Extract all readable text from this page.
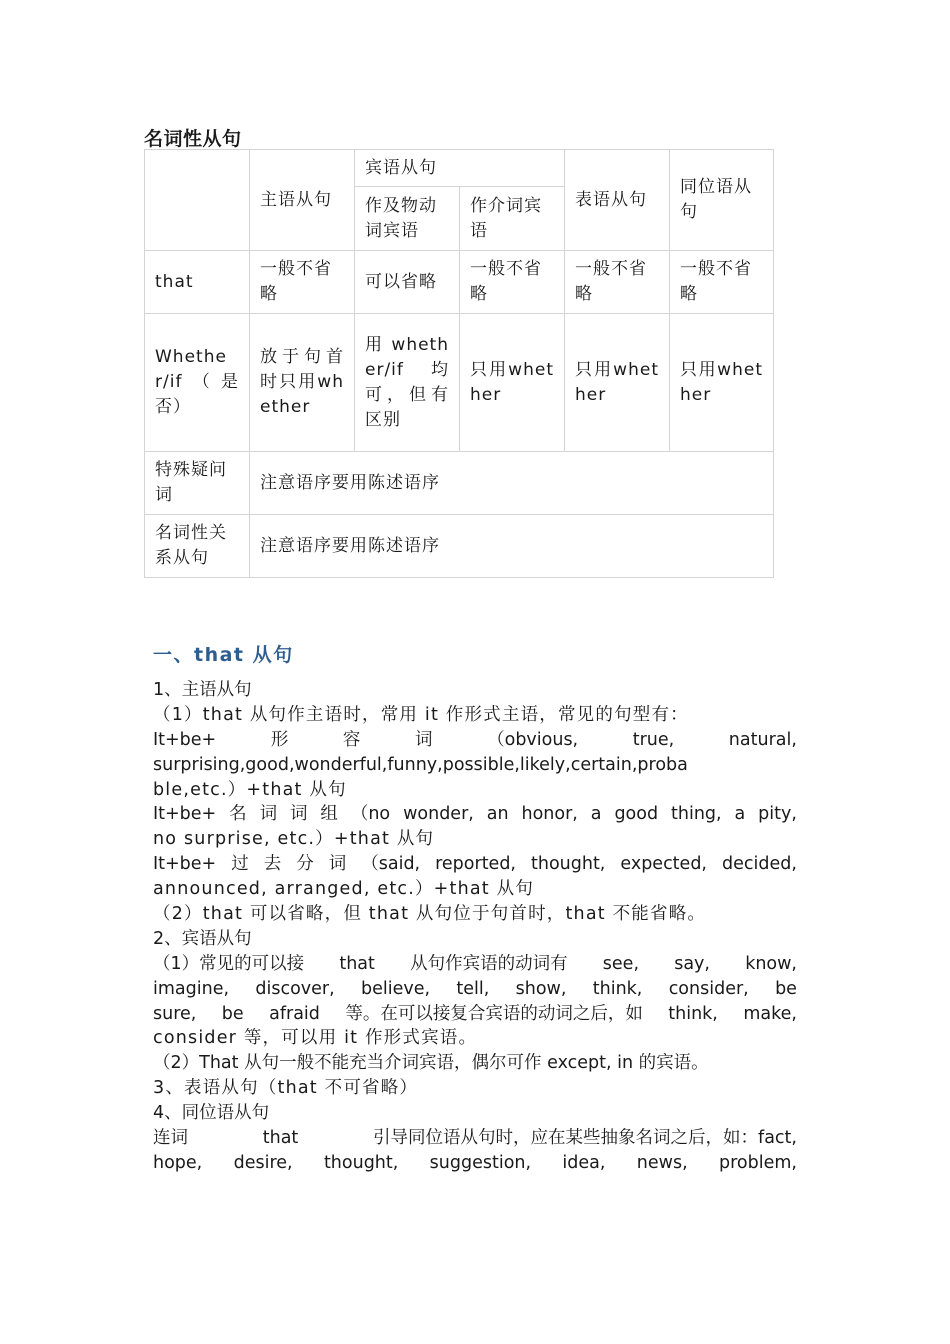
名词性从句
	主语从句	宾语从句		表语从句	同位语从句
		作及物动词宾语	作介词宾语		
that	一般不省略	可以省略	一般不省略	一般不省略	一般不省略
Whether/if（是否）	放于句首时只用whether	用whether/if均可，但有区别	只用whether	只用whether	只用whether
特殊疑问词	注意语序要用陈述语序				
名词性关系从句	注意语序要用陈述语序				
一、that 从句
1、主语从句
（1）that 从句作主语时，常用 it 作形式主语，常见的句型有：
It+be+	形	容	词	（obvious,	true,	natural,
surprising,good,wonderful,funny,possible,likely,certain,proba
ble,etc.）+that 从句
It+be+ 名 词 词 组 （no wonder, an honor, a good thing, a pity,
no surprise, etc.）+that 从句
It+be+ 过 去 分 词 （said, reported, thought, expected, decided,
announced, arranged, etc.）+that 从句
（2）that 可以省略，但 that 从句位于句首时，that 不能省略。
2、宾语从句
（1）常见的可以接 that 从句作宾语的动词有 see, say, know,
imagine, discover, believe, tell, show, think, consider, be
sure, be afraid 等。在可以接复合宾语的动词之后，如 think, make,
consider 等，可以用 it 作形式宾语。
（2）That 从句一般不能充当介词宾语，偶尔可作 except, in 的宾语。
3、表语从句（that 不可省略）
4、同位语从句
连词	that	引导同位语从句时，应在某些抽象名词之后，如：fact,
hope, desire, thought, suggestion, idea, news, problem,
